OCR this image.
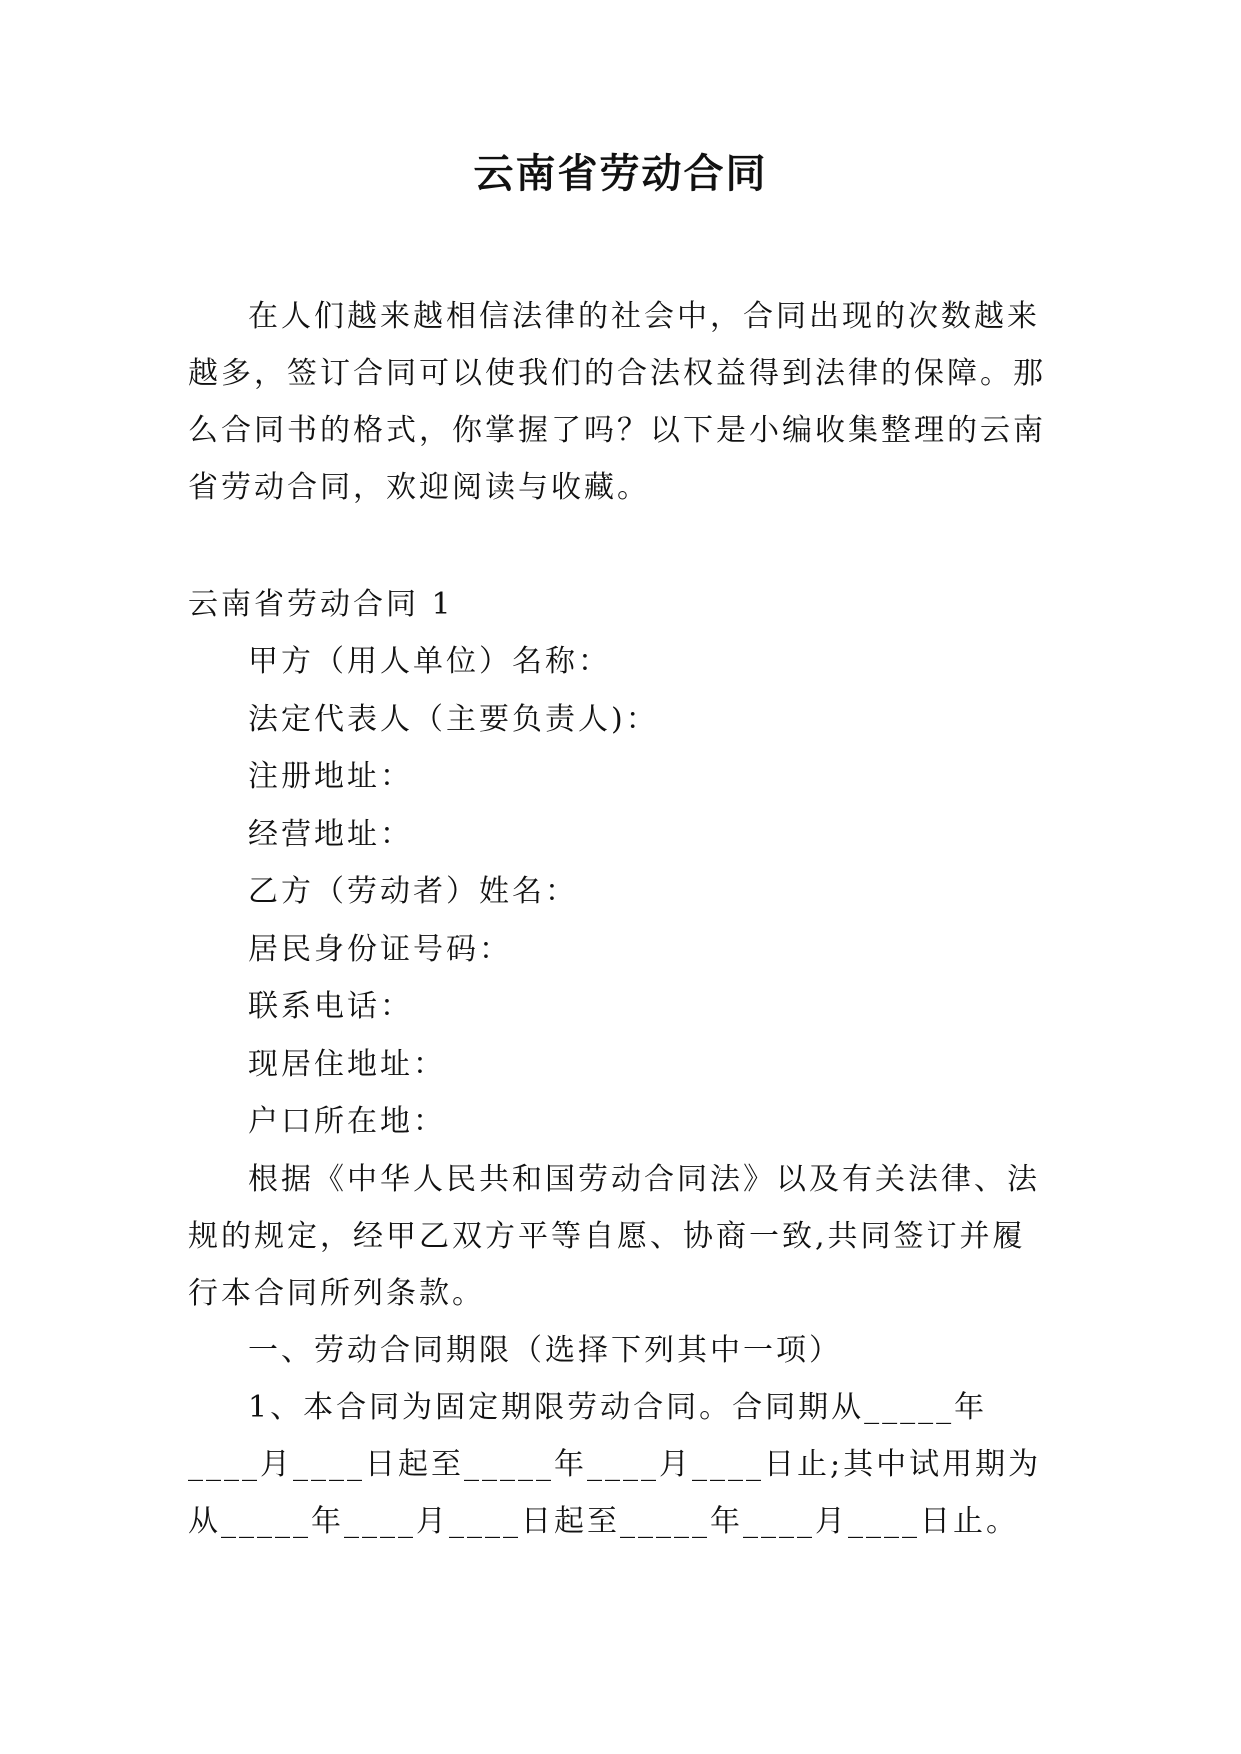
云南省劳动合同

在人们越来越相信法律的社会中，合同出现的次数越来越多，签订合同可以使我们的合法权益得到法律的保障。那么合同书的格式，你掌握了吗？以下是小编收集整理的云南省劳动合同，欢迎阅读与收藏。

云南省劳动合同 1

甲方（用人单位）名称：

法定代表人（主要负责人)：

注册地址：

经营地址：

乙方（劳动者）姓名：

居民身份证号码：

联系电话：

现居住地址：

户口所在地：

根据《中华人民共和国劳动合同法》以及有关法律、法规的规定，经甲乙双方平等自愿、协商一致,共同签订并履行本合同所列条款。

一、劳动合同期限（选择下列其中一项）

1、本合同为固定期限劳动合同。合同期从_____年____月____日起至_____年____月____日止;其中试用期为从_____年____月____日起至_____年____月____日止。
